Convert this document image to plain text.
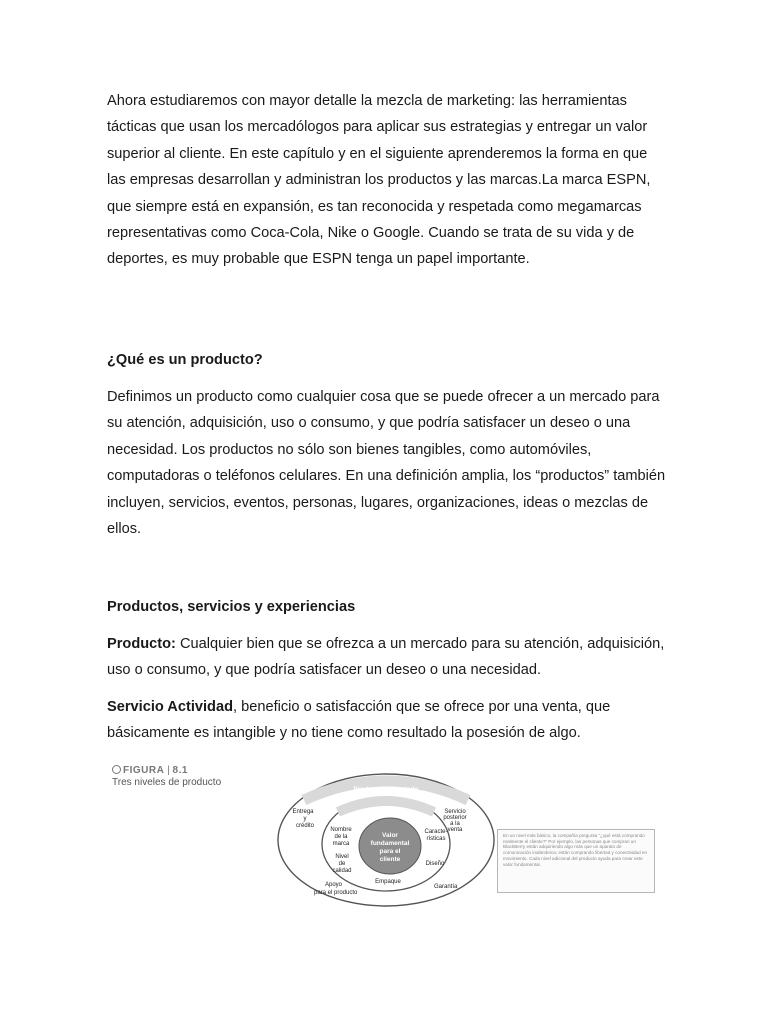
Ahora estudiaremos con mayor detalle la mezcla de marketing: las herramientas tácticas que usan los mercadólogos para aplicar sus estrategias y entregar un valor superior al cliente. En este capítulo y en el siguiente aprenderemos la forma en que las empresas desarrollan y administran los productos y las marcas.La marca ESPN, que siempre está en expansión, es tan reconocida y respetada como megamarcas representativas como Coca-Cola, Nike o Google. Cuando se trata de su vida y de deportes, es muy probable que ESPN tenga un papel importante.

¿Qué es un producto?

Definimos un producto como cualquier cosa que se puede ofrecer a un mercado para su atención, adquisición, uso o consumo, y que podría satisfacer un deseo o una necesidad. Los productos no sólo son bienes tangibles, como automóviles, computadoras o teléfonos celulares. En una definición amplia, los “productos” también incluyen, servicios, eventos, personas, lugares, organizaciones, ideas o mezclas de ellos.

Productos, servicios y experiencias

Producto: Cualquier bien que se ofrezca a un mercado para su atención, adquisición, uso o consumo, y que podría satisfacer un deseo o una necesidad.

Servicio Actividad, beneficio o satisfacción que se ofrece por una venta, que básicamente es intangible y no tiene como resultado la posesión de algo.

FIGURA | 8.1
Tres niveles de producto
Producto aumentado
Producto real
Valor
fundamental
para el
cliente
Entrega
y
crédito
Servicio
posterior
a la
venta
Apoyo
para el producto
Garantía
Nombre
de la
marca
Nivel
de
calidad
Caracte-
rísticas
Diseño
Empaque
En un nivel más básico, la compañía pregunta "¿qué está comprando realmente el cliente?" Por ejemplo, las personas que compran un BlackBerry están adquiriendo algo más que un aparato de comunicación inalámbrica; están comprando libertad y conectividad en movimiento. Cada nivel adicional del producto ayuda para crear este valor fundamental.
